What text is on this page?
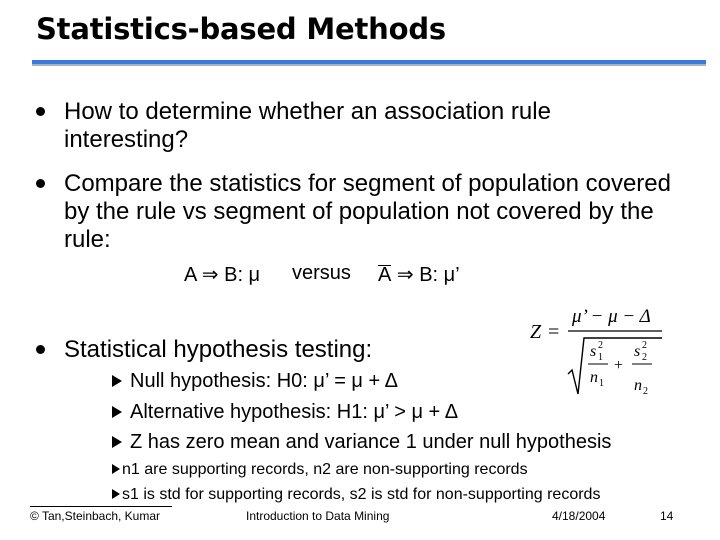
Statistics-based Methods
How to determine whether an association rule interesting?
Compare the statistics for segment of population covered by the rule vs segment of population not covered by the rule:
A ⇒ B: μ versus A ⇒ B: μ’
Statistical hypothesis testing:
Null hypothesis: H0: μ’ = μ + Δ
Alternative hypothesis: H1: μ’ > μ + Δ
Z has zero mean and variance 1 under null hypothesis
n1 are supporting records, n2 are non-supporting records
s1 is std for supporting records, s2 is std for non-supporting records
Z =
μ’ − μ − Δ
s 1
2
n 1
+
s 2
2
n 2
© Tan,Steinbach, Kumar	Introduction to Data Mining	4/18/2004	14
